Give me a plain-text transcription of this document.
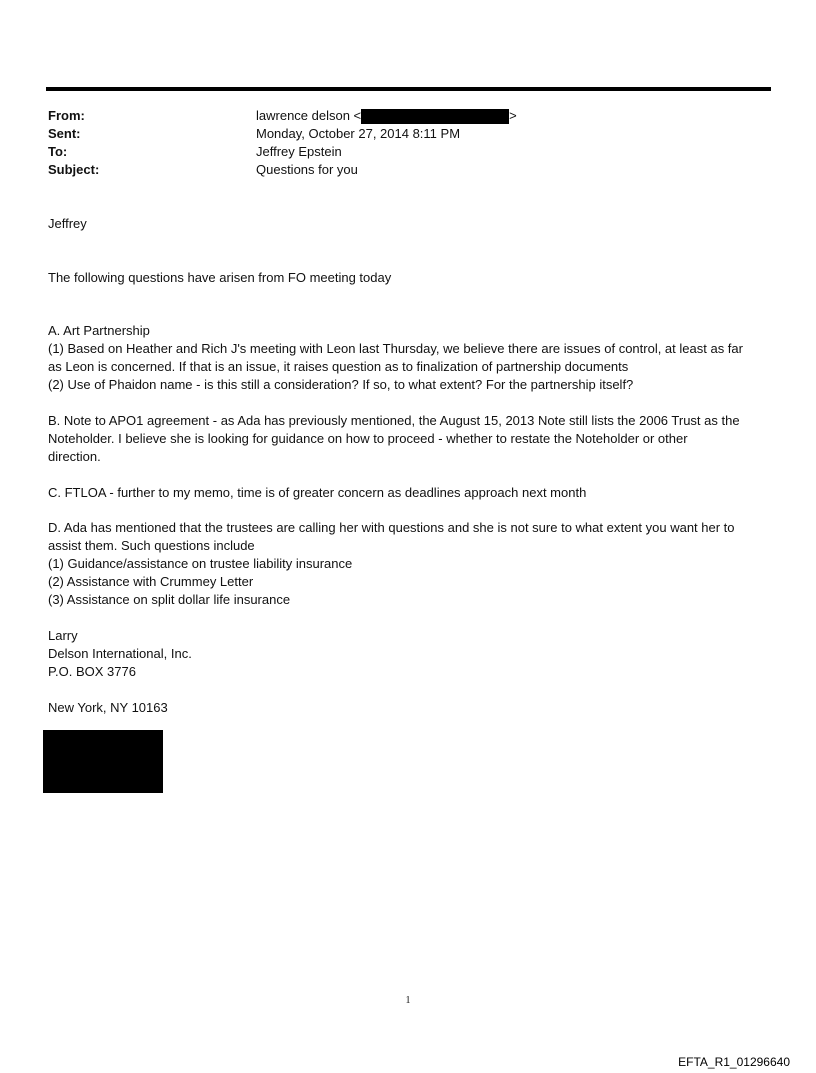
From:	lawrence delson <	>
Sent:	Monday, October 27, 2014 8:11 PM
To:	Jeffrey Epstein
Subject:	Questions for you
Jeffrey
The following questions have arisen from FO meeting today
A. Art Partnership
(1) Based on Heather and Rich J's meeting with Leon last Thursday, we believe there are issues of control, at least as far
as Leon is concerned. If that is an issue, it raises question as to finalization of partnership documents
(2) Use of Phaidon name - is this still a consideration? If so, to what extent? For the partnership itself?
B. Note to APO1 agreement - as Ada has previously mentioned, the August 15, 2013 Note still lists the 2006 Trust as the
Noteholder. I believe she is looking for guidance on how to proceed - whether to restate the Noteholder or other
direction.
C. FTLOA - further to my memo, time is of greater concern as deadlines approach next month
D. Ada has mentioned that the trustees are calling her with questions and she is not sure to what extent you want her to
assist them. Such questions include
(1) Guidance/assistance on trustee liability insurance
(2) Assistance with Crummey Letter
(3) Assistance on split dollar life insurance
Larry
Delson International, Inc.
P.O. BOX 3776
New York, NY 10163
1
EFTA_R1_01296640
